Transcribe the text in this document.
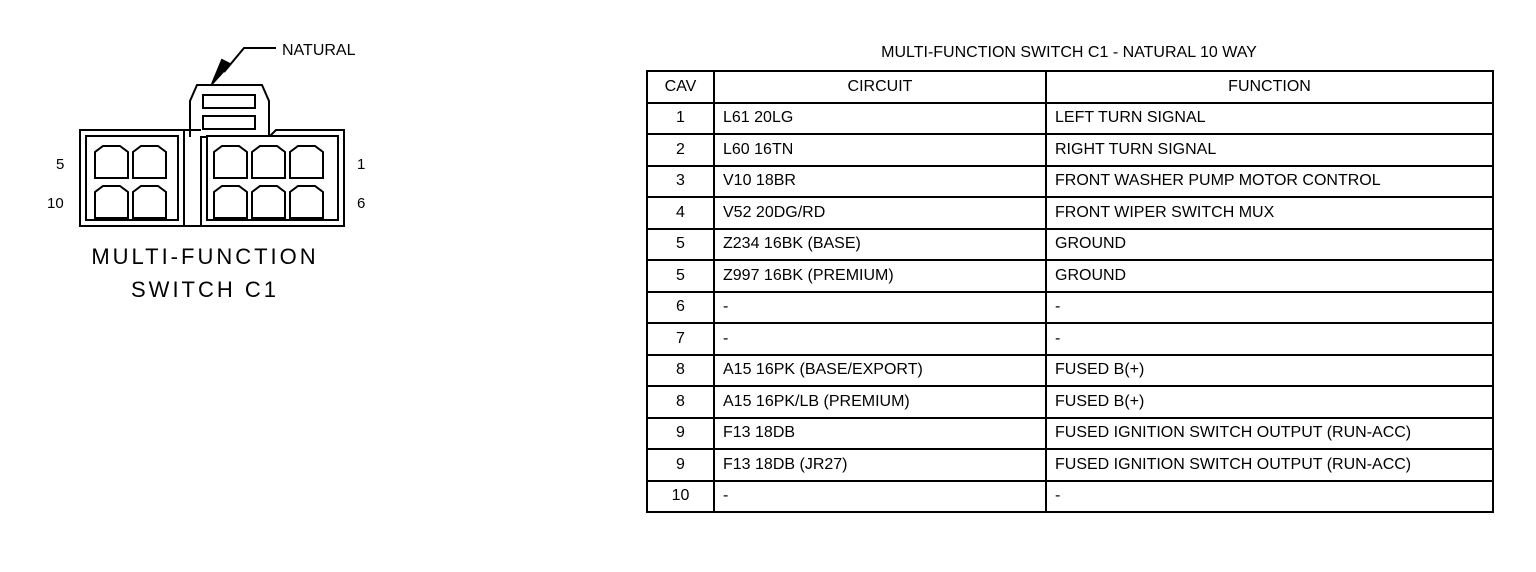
NATURAL
5
10
1
6
MULTI-FUNCTION
SWITCH C1
MULTI-FUNCTION SWITCH C1 - NATURAL 10 WAY
CAV	CIRCUIT	FUNCTION
1	L61 20LG	LEFT TURN SIGNAL
2	L60 16TN	RIGHT TURN SIGNAL
3	V10 18BR	FRONT WASHER PUMP MOTOR CONTROL
4	V52 20DG/RD	FRONT WIPER SWITCH MUX
5	Z234 16BK (BASE)	GROUND
5	Z997 16BK (PREMIUM)	GROUND
6	-	-
7	-	-
8	A15 16PK (BASE/EXPORT)	FUSED B(+)
8	A15 16PK/LB (PREMIUM)	FUSED B(+)
9	F13 18DB	FUSED IGNITION SWITCH OUTPUT (RUN-ACC)
9	F13 18DB (JR27)	FUSED IGNITION SWITCH OUTPUT (RUN-ACC)
10	-	-
